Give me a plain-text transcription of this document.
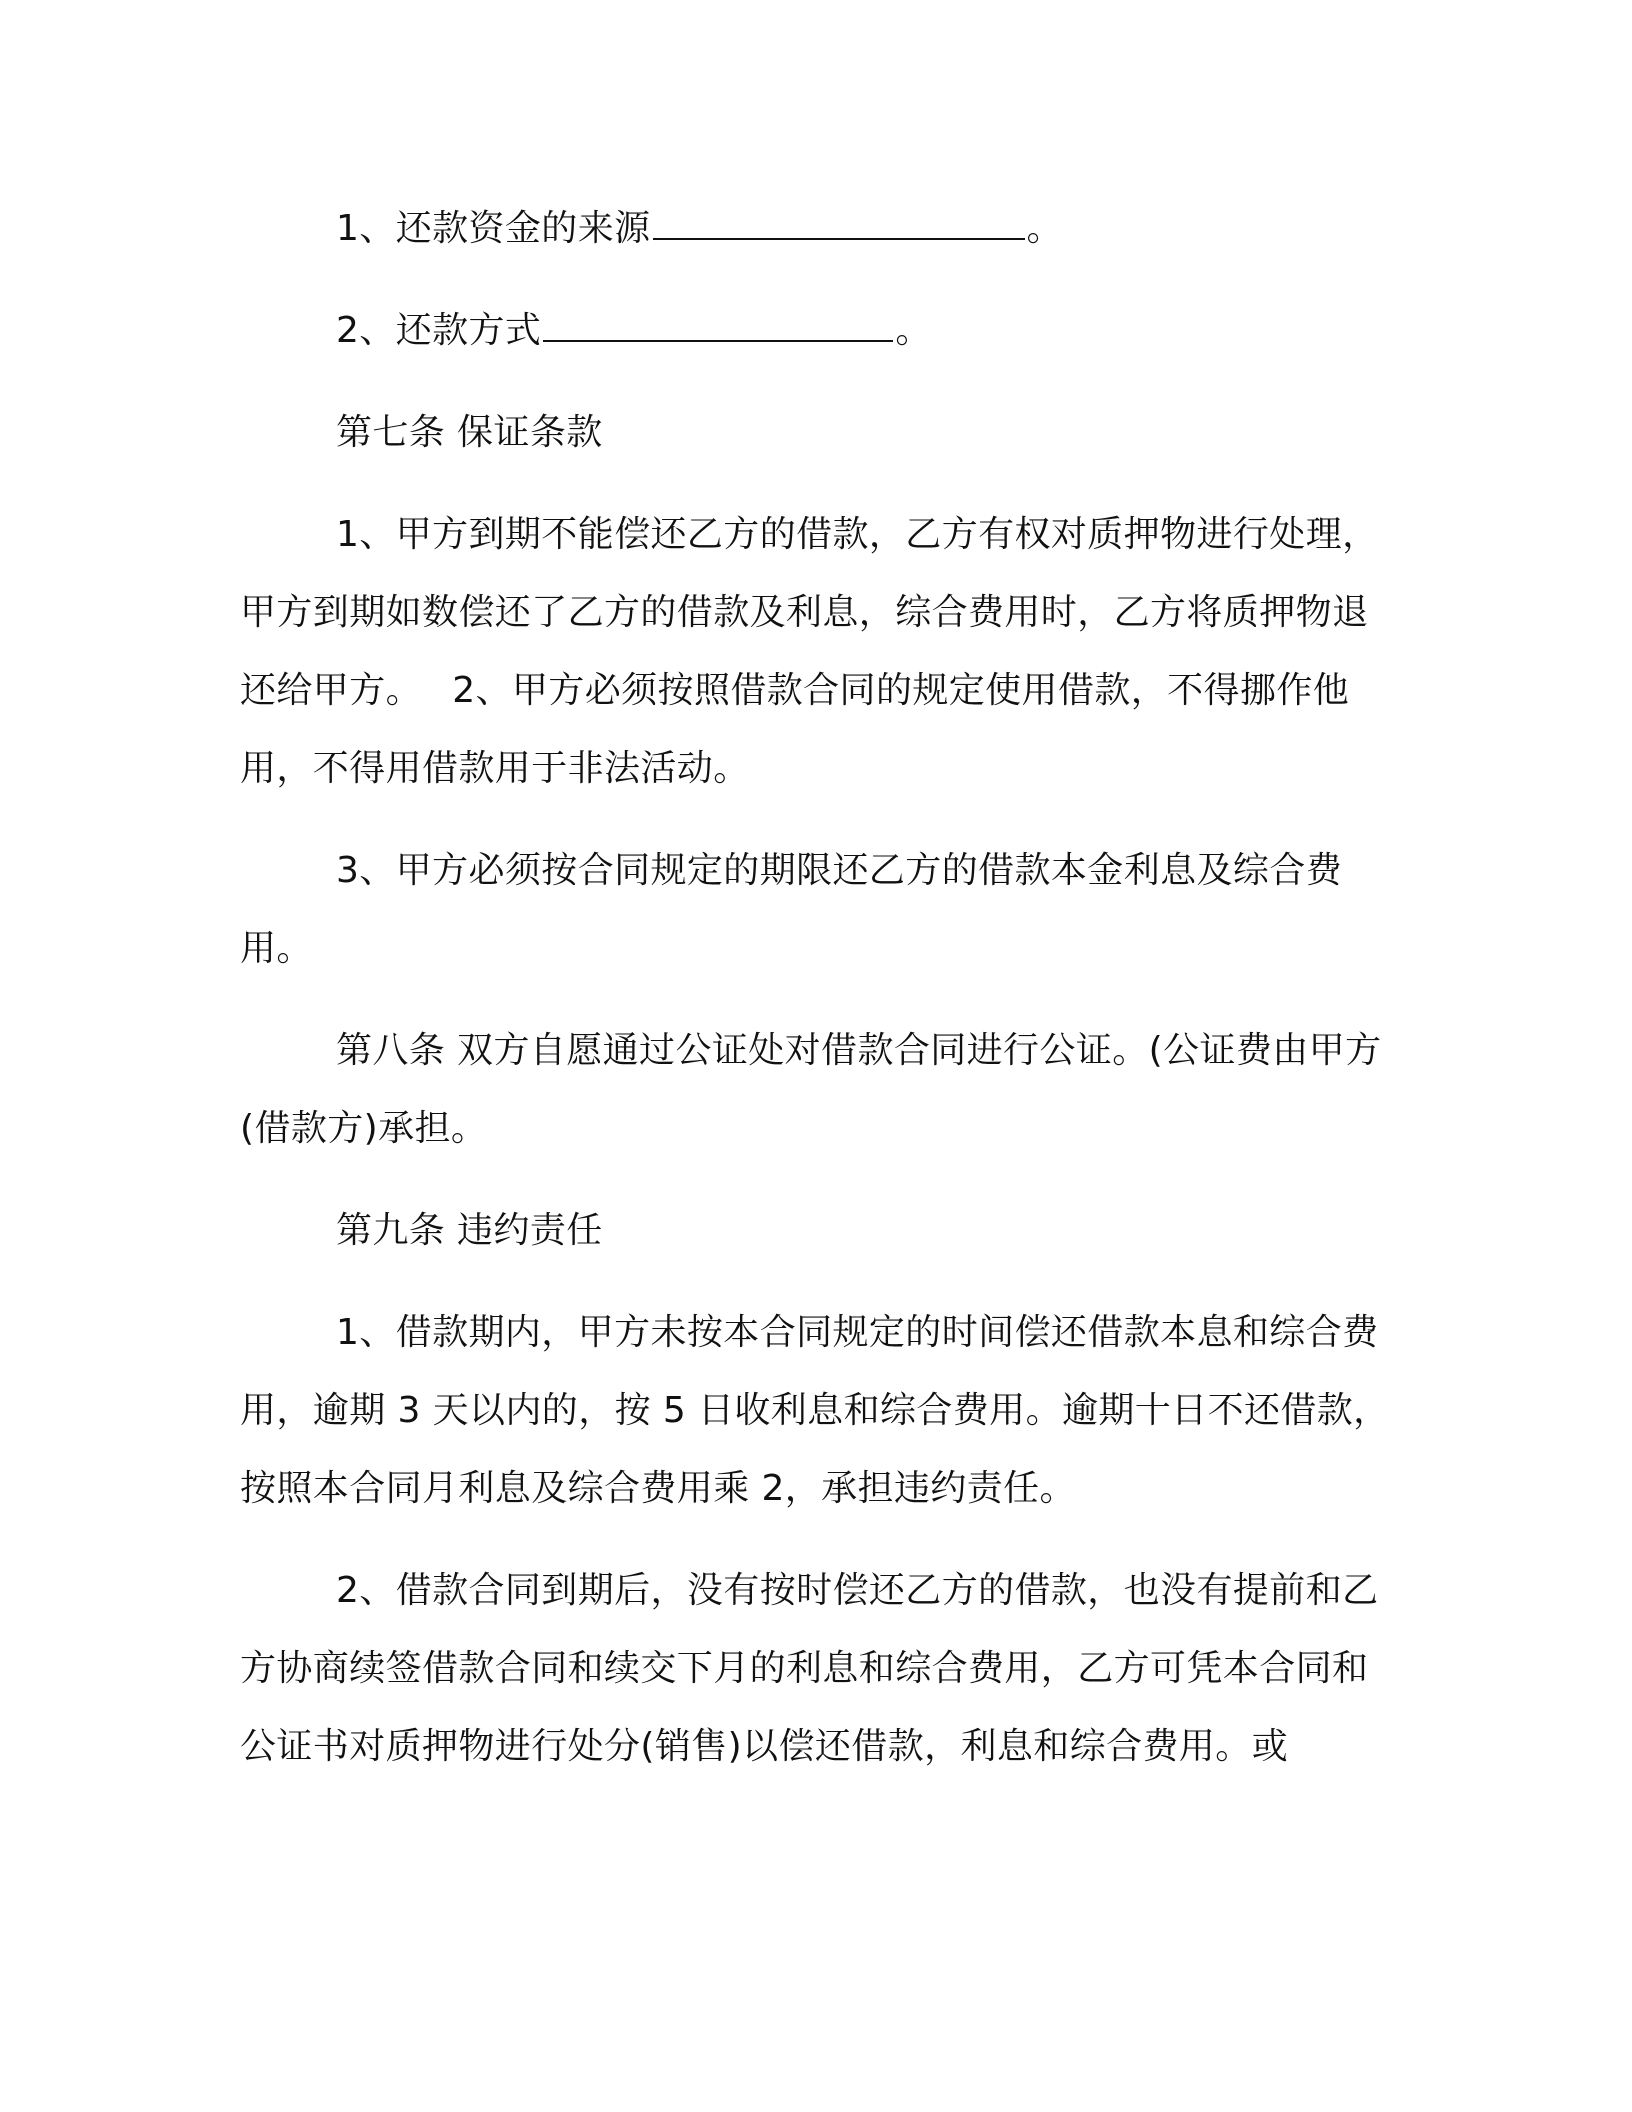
1、还款资金的来源	。

2、还款方式	。

第七条 保证条款

1、甲方到期不能偿还乙方的借款，乙方有权对质押物进行处理，甲方到期如数偿还了乙方的借款及利息，综合费用时，乙方将质押物退还给甲方。　 2、甲方必须按照借款合同的规定使用借款，不得挪作他用，不得用借款用于非法活动。

3、甲方必须按合同规定的期限还乙方的借款本金利息及综合费用。

第八条 双方自愿通过公证处对借款合同进行公证。(公证费由甲方(借款方)承担。

第九条 违约责任

1、借款期内，甲方未按本合同规定的时间偿还借款本息和综合费用，逾期 3 天以内的，按 5 日收利息和综合费用。逾期十日不还借款，按照本合同月利息及综合费用乘 2，承担违约责任。

2、借款合同到期后，没有按时偿还乙方的借款，也没有提前和乙方协商续签借款合同和续交下月的利息和综合费用，乙方可凭本合同和公证书对质押物进行处分(销售)以偿还借款，利息和综合费用。或
